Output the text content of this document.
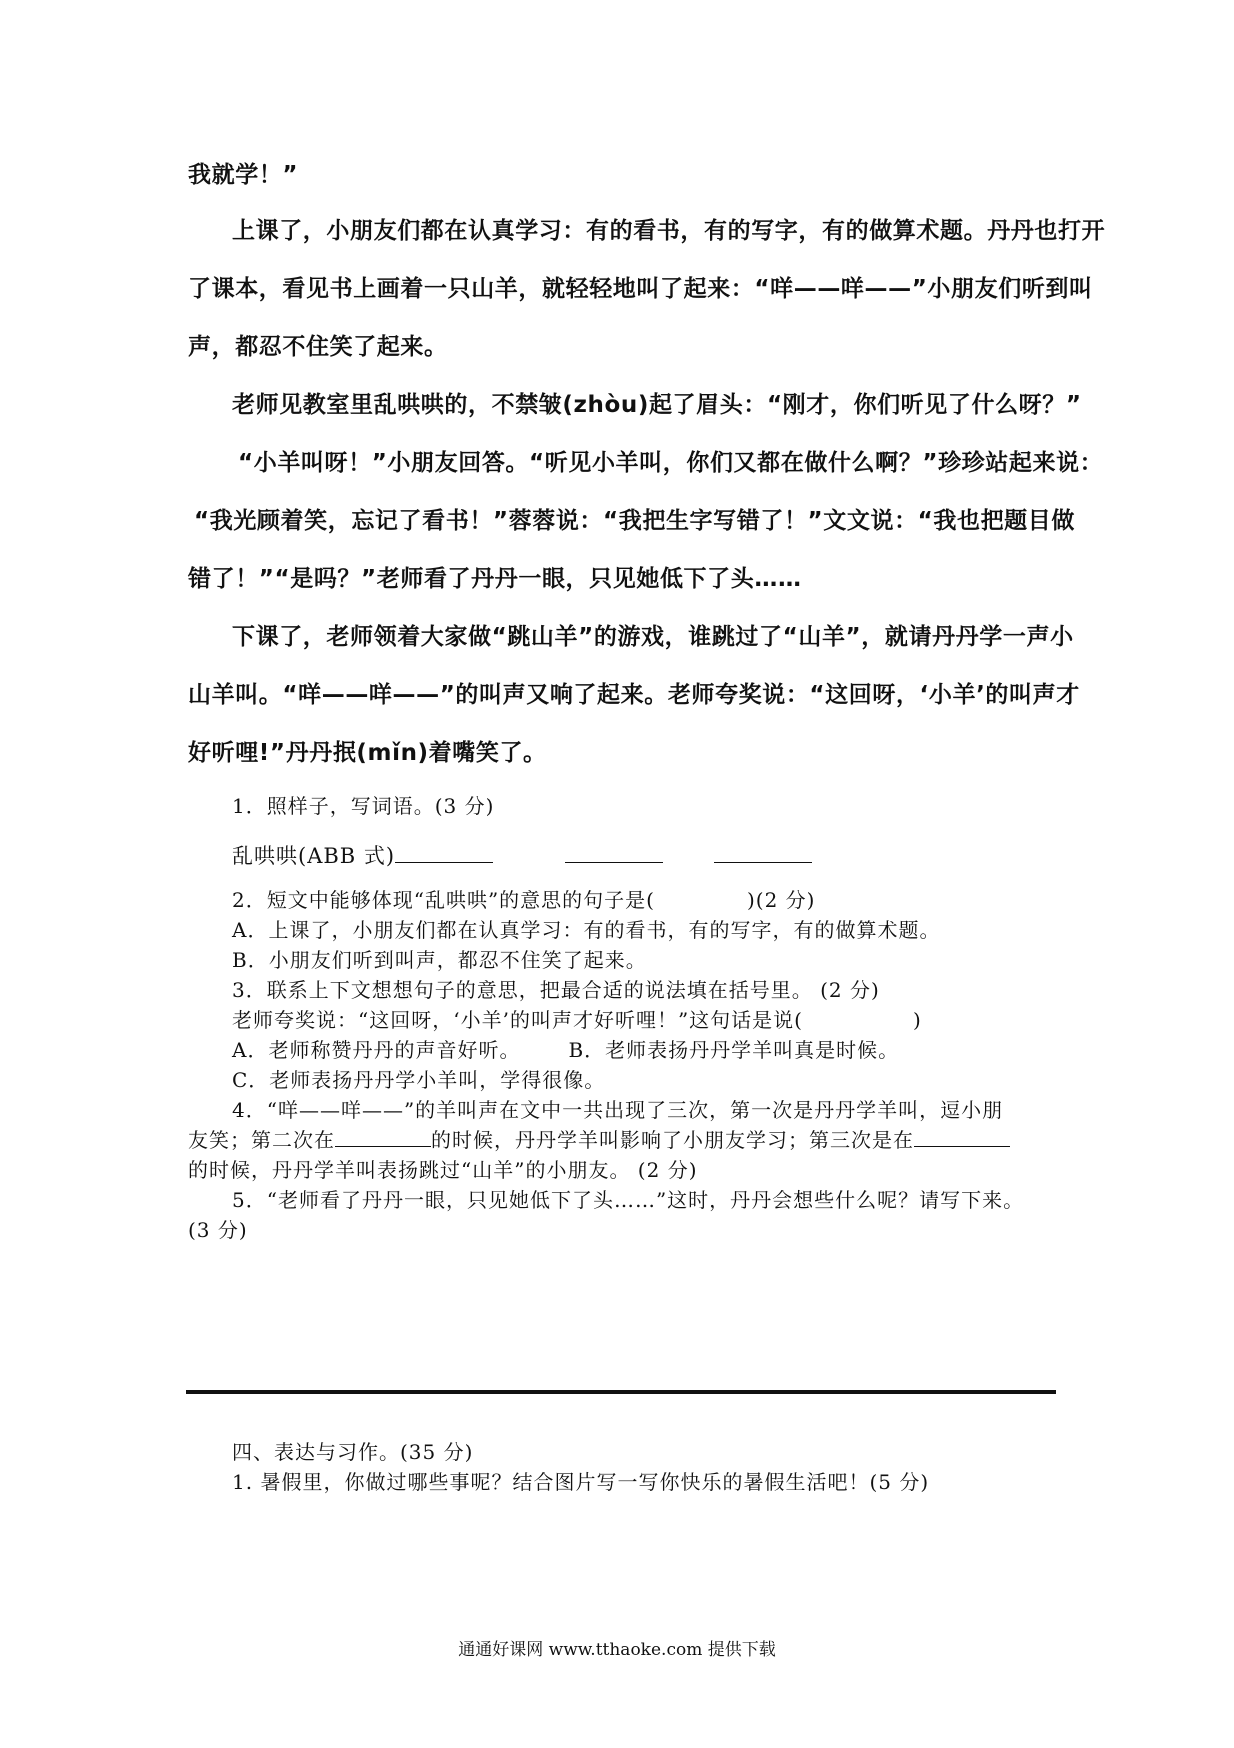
我就学！”
上课了，小朋友们都在认真学习：有的看书，有的写字，有的做算术题。丹丹也打开
了课本，看见书上画着一只山羊，就轻轻地叫了起来：“咩——咩——”小朋友们听到叫
声，都忍不住笑了起来。
老师见教室里乱哄哄的，不禁皱(zhòu)起了眉头：“刚才，你们听见了什么呀？”
“小羊叫呀！”小朋友回答。“听见小羊叫，你们又都在做什么啊？”珍珍站起来说：
“我光顾着笑，忘记了看书！”蓉蓉说：“我把生字写错了！”文文说：“我也把题目做
错了！”“是吗？”老师看了丹丹一眼，只见她低下了头……
下课了，老师领着大家做“跳山羊”的游戏，谁跳过了“山羊”，就请丹丹学一声小
山羊叫。“咩——咩——”的叫声又响了起来。老师夸奖说：“这回呀，‘小羊’的叫声才
好听哩!”丹丹抿(mǐn)着嘴笑了。
1．照样子，写词语。(3 分)
乱哄哄(ABB 式)
2．短文中能够体现“乱哄哄”的意思的句子是(	)(2 分)
A．上课了，小朋友们都在认真学习：有的看书，有的写字，有的做算术题。
B．小朋友们听到叫声，都忍不住笑了起来。
3．联系上下文想想句子的意思，把最合适的说法填在括号里。 (2 分)
老师夸奖说：“这回呀，‘小羊’的叫声才好听哩！”这句话是说(	)
A．老师称赞丹丹的声音好听。 B．老师表扬丹丹学羊叫真是时候。
C．老师表扬丹丹学小羊叫，学得很像。
4．“咩——咩——”的羊叫声在文中一共出现了三次，第一次是丹丹学羊叫，逗小朋
友笑；第二次在	的时候，丹丹学羊叫影响了小朋友学习；第三次是在
的时候，丹丹学羊叫表扬跳过“山羊”的小朋友。 (2 分)
5．“老师看了丹丹一眼，只见她低下了头……”这时，丹丹会想些什么呢？请写下来。
(3 分)
四、表达与习作。(35 分)
1. 暑假里，你做过哪些事呢？结合图片写一写你快乐的暑假生活吧！(5 分)
通通好课网 www.tthaoke.com 提供下载
